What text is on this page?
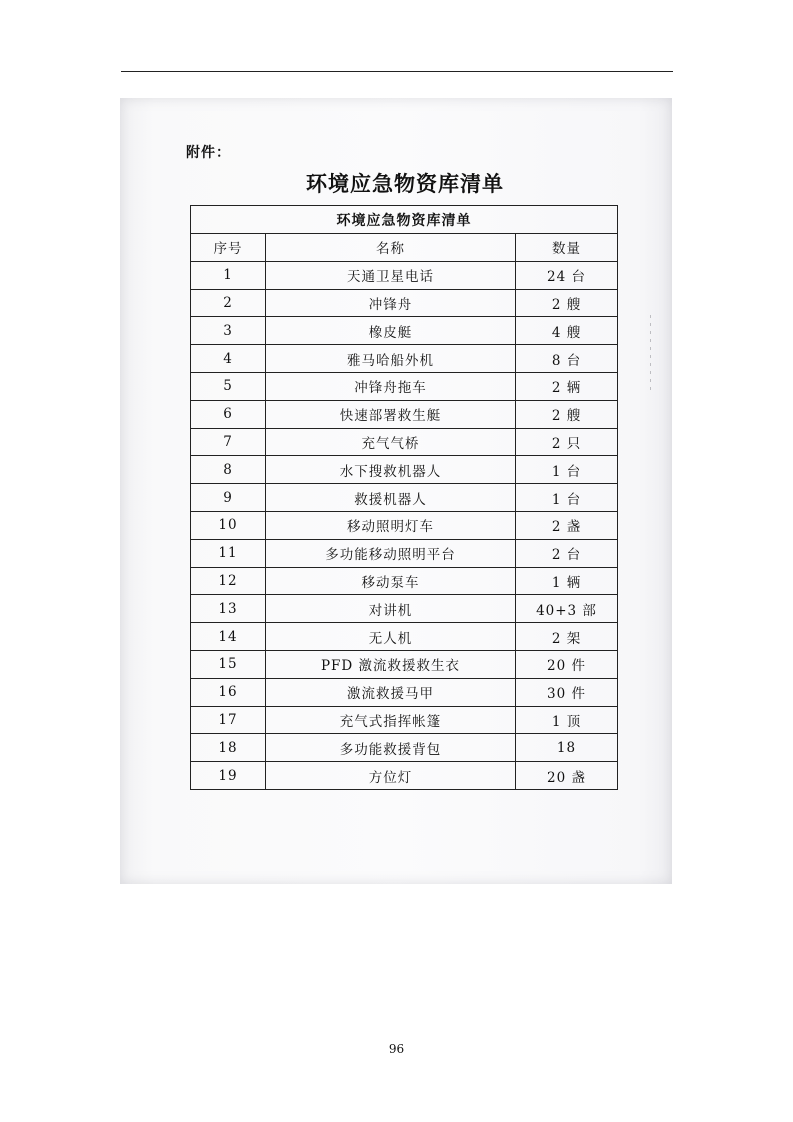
附件：
环境应急物资库清单
环境应急物资库清单		
序号	名称	数量
1	天通卫星电话	24 台
2	冲锋舟	2 艘
3	橡皮艇	4 艘
4	雅马哈船外机	8 台
5	冲锋舟拖车	2 辆
6	快速部署救生艇	2 艘
7	充气气桥	2 只
8	水下搜救机器人	1 台
9	救援机器人	1 台
10	移动照明灯车	2 盏
11	多功能移动照明平台	2 台
12	移动泵车	1 辆
13	对讲机	40+3 部
14	无人机	2 架
15	PFD 激流救援救生衣	20 件
16	激流救援马甲	30 件
17	充气式指挥帐篷	1 顶
18	多功能救援背包	18
19	方位灯	20 盏
96
